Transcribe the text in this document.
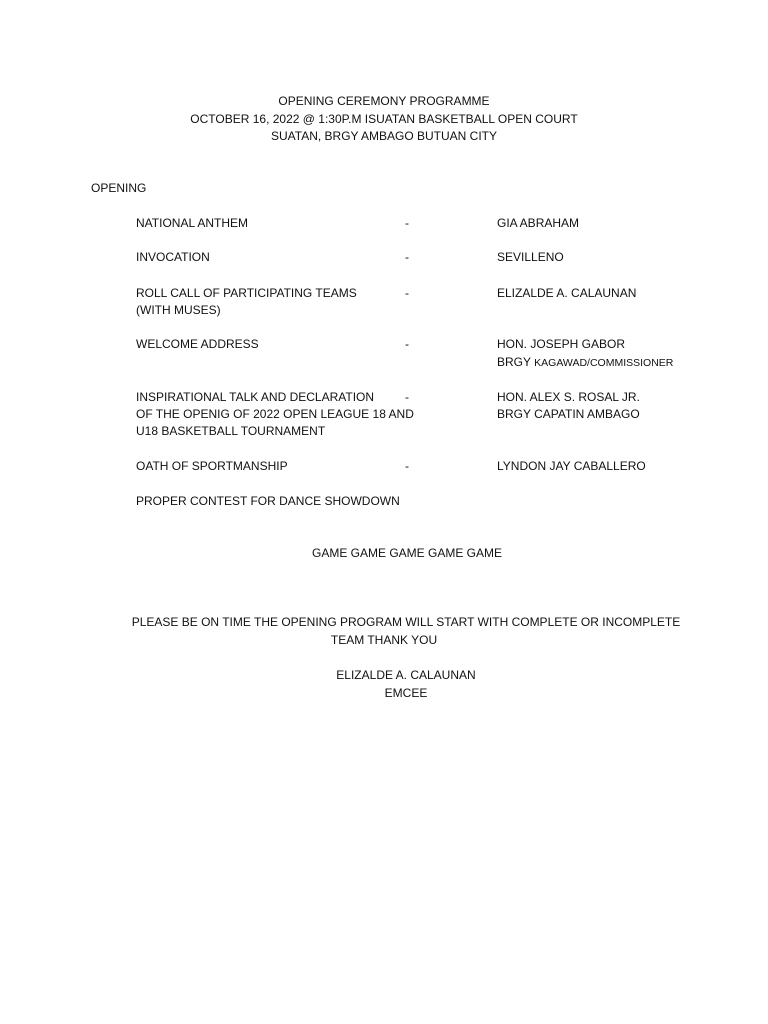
OPENING CEREMONY PROGRAMME
OCTOBER 16, 2022 @ 1:30P.M ISUATAN BASKETBALL OPEN COURT
SUATAN, BRGY AMBAGO BUTUAN CITY
OPENING
NATIONAL ANTHEM	-	GIA ABRAHAM
INVOCATION	-	SEVILLENO
ROLL CALL OF PARTICIPATING TEAMS
(WITH MUSES)
-	ELIZALDE A. CALAUNAN
WELCOME ADDRESS	-	HON. JOSEPH GABOR
BRGY KAGAWAD/COMMISSIONER
INSPIRATIONAL TALK AND DECLARATION
OF THE OPENIG OF 2022 OPEN LEAGUE 18 AND
U18 BASKETBALL TOURNAMENT
-	HON. ALEX S. ROSAL JR.
BRGY CAPATIN AMBAGO
OATH OF SPORTMANSHIP	-	LYNDON JAY CABALLERO
PROPER CONTEST FOR DANCE SHOWDOWN
GAME GAME GAME GAME GAME
PLEASE BE ON TIME THE OPENING PROGRAM WILL START WITH COMPLETE OR INCOMPLETE
TEAM THANK YOU
ELIZALDE A. CALAUNAN
EMCEE
